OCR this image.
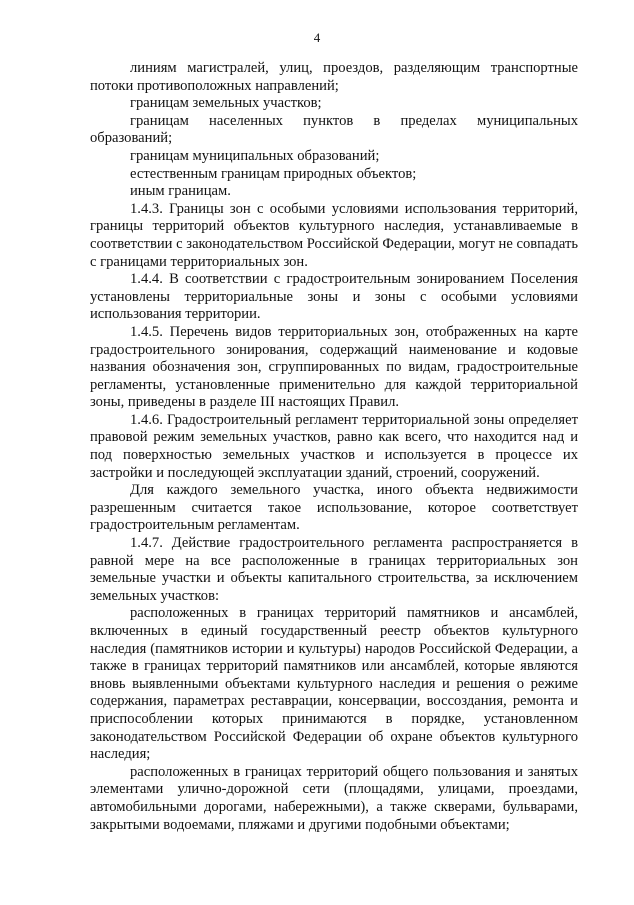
4

линиям магистралей, улиц, проездов, разделяющим транспортные потоки противоположных направлений;

границам земельных участков;

границам населенных пунктов в пределах муниципальных образований;

границам муниципальных образований;

естественным границам природных объектов;

иным границам.

1.4.3. Границы зон с особыми условиями использования территорий, границы территорий объектов культурного наследия, устанавливаемые в соответствии с законодательством Российской Федерации, могут не совпадать с границами территориальных зон.

1.4.4. В соответствии с градостроительным зонированием Поселения установлены территориальные зоны и зоны с особыми условиями использования территории.

1.4.5. Перечень видов территориальных зон, отображенных на карте градостроительного зонирования, содержащий наименование и кодовые названия обозначения зон, сгруппированных по видам, градостроительные регламенты, установленные применительно для каждой территориальной зоны, приведены в разделе III настоящих Правил.

1.4.6. Градостроительный регламент территориальной зоны определяет правовой режим земельных участков, равно как всего, что находится над и под поверхностью земельных участков и используется в процессе их застройки и последующей эксплуатации зданий, строений, сооружений.

Для каждого земельного участка, иного объекта недвижимости разрешенным считается такое использование, которое соответствует градостроительным регламентам.

1.4.7. Действие градостроительного регламента распространяется в равной мере на все расположенные в границах территориальных зон земельные участки и объекты капитального строительства, за исключением земельных участков:

расположенных в границах территорий памятников и ансамблей, включенных в единый государственный реестр объектов культурного наследия (памятников истории и культуры) народов Российской Федерации, а также в границах территорий памятников или ансамблей, которые являются вновь выявленными объектами культурного наследия и решения о режиме содержания, параметрах реставрации, консервации, воссоздания, ремонта и приспособлении которых принимаются в порядке, установленном законодательством Российской Федерации об охране объектов культурного наследия;

расположенных в границах территорий общего пользования и занятых элементами улично-дорожной сети (площадями, улицами, проездами, автомобильными дорогами, набережными), а также скверами, бульварами, закрытыми водоемами, пляжами и другими подобными объектами;
